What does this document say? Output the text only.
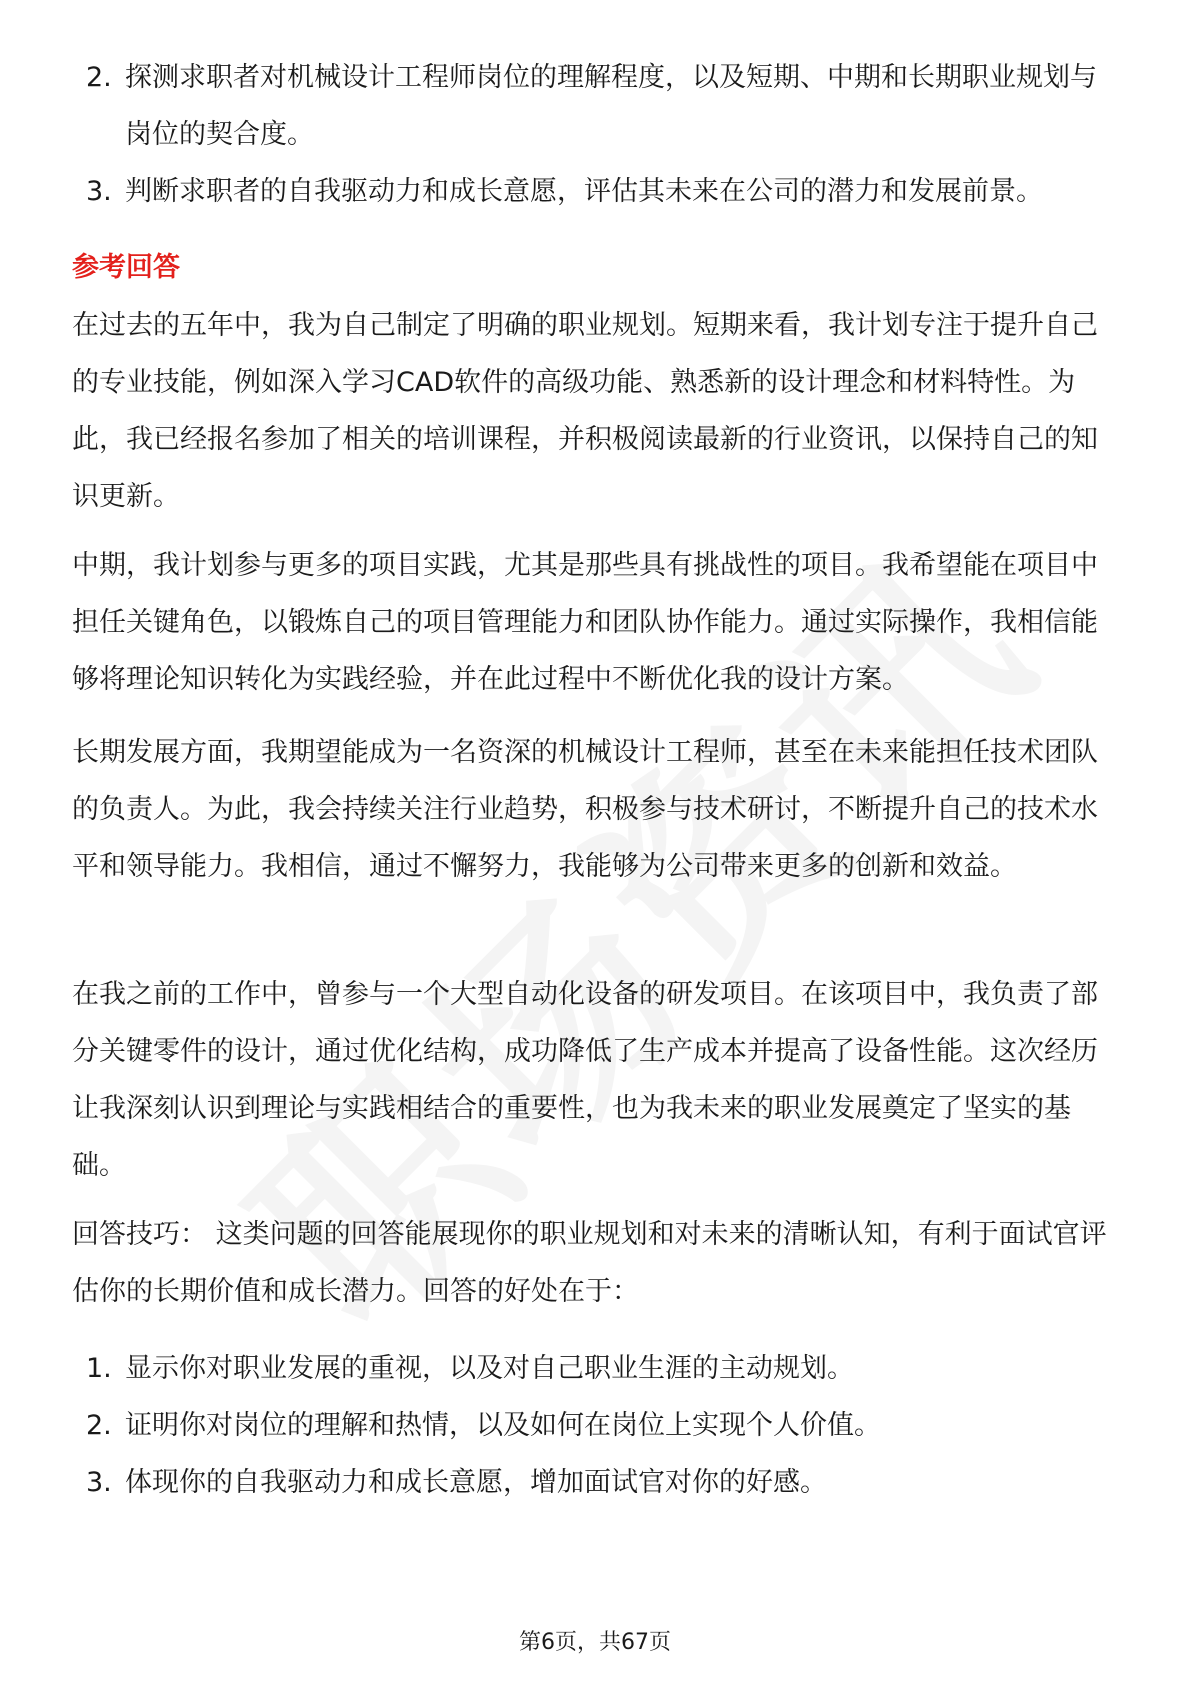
2. 探测求职者对机械设计工程师岗位的理解程度，以及短期、中期和长期职业规划与岗位的契合度。
3. 判断求职者的自我驱动力和成长意愿，评估其未来在公司的潜力和发展前景。
参考回答

在过去的五年中，我为自己制定了明确的职业规划。短期来看，我计划专注于提升自己的专业技能，例如深入学习CAD软件的高级功能、熟悉新的设计理念和材料特性。为此，我已经报名参加了相关的培训课程，并积极阅读最新的行业资讯，以保持自己的知识更新。

中期，我计划参与更多的项目实践，尤其是那些具有挑战性的项目。我希望能在项目中担任关键角色，以锻炼自己的项目管理能力和团队协作能力。通过实际操作，我相信能够将理论知识转化为实践经验，并在此过程中不断优化我的设计方案。

长期发展方面，我期望能成为一名资深的机械设计工程师，甚至在未来能担任技术团队的负责人。为此，我会持续关注行业趋势，积极参与技术研讨，不断提升自己的技术水平和领导能力。我相信，通过不懈努力，我能够为公司带来更多的创新和效益。

在我之前的工作中，曾参与一个大型自动化设备的研发项目。在该项目中，我负责了部分关键零件的设计，通过优化结构，成功降低了生产成本并提高了设备性能。这次经历让我深刻认识到理论与实践相结合的重要性，也为我未来的职业发展奠定了坚实的基础。

回答技巧： 这类问题的回答能展现你的职业规划和对未来的清晰认知，有利于面试官评估你的长期价值和成长潜力。回答的好处在于：

1. 显示你对职业发展的重视，以及对自己职业生涯的主动规划。
2. 证明你对岗位的理解和热情，以及如何在岗位上实现个人价值。
3. 体现你的自我驱动力和成长意愿，增加面试官对你的好感。
第6页，共67页
